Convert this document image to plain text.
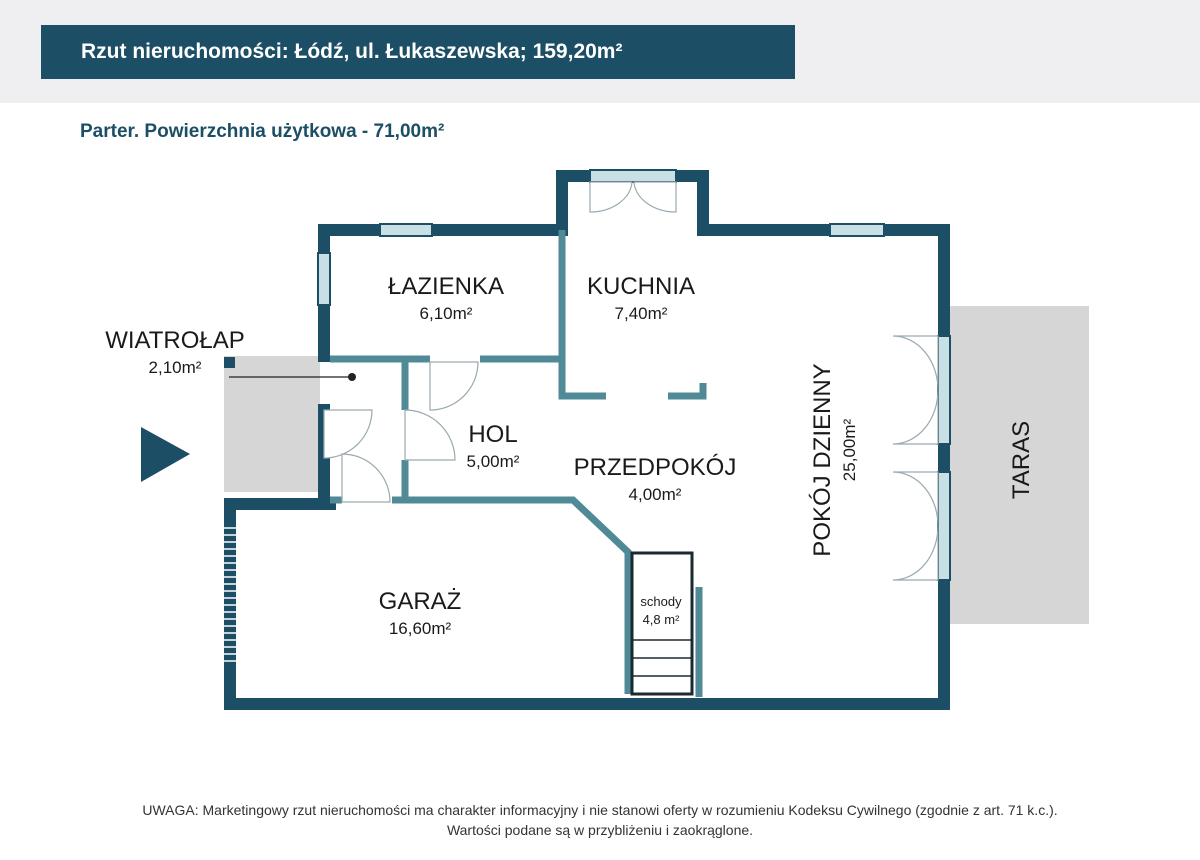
Rzut nieruchomości: Łódź, ul. Łukaszewska; 159,20m²
Parter. Powierzchnia użytkowa - 71,00m²
ŁAZIENKA
6,10m²
KUCHNIA
7,40m²
WIATROŁAP
2,10m²
HOL
5,00m² PRZEDPOKÓJ
4,00m²	POKÓJ DZIENNY 25,00m²
GARAŻ
16,60m²
schody
4,8 m²
TARAS
UWAGA: Marketingowy rzut nieruchomości ma charakter informacyjny i nie stanowi oferty w rozumieniu Kodeksu Cywilnego (zgodnie z art. 71 k.c.).
Wartości podane są w przybliżeniu i zaokrąglone.
